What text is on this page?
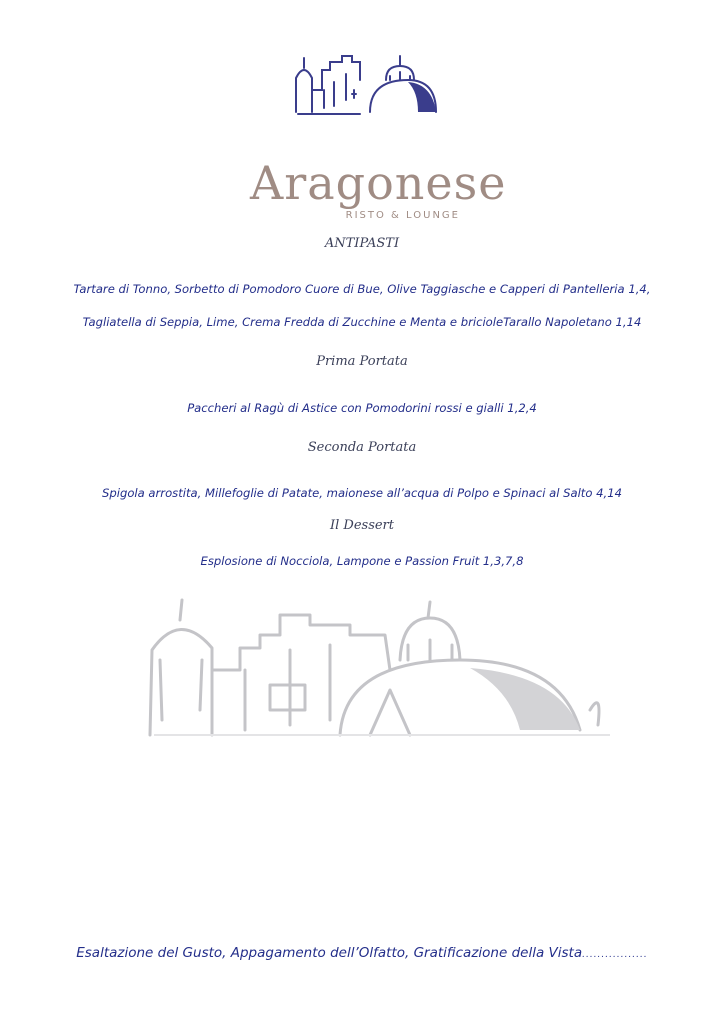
Aragonese
RISTO & LOUNGE
ANTIPASTI
Tartare di Tonno, Sorbetto di Pomodoro Cuore di Bue, Olive Taggiasche e Capperi di Pantelleria 1,4,
Tagliatella di Seppia, Lime, Crema Fredda di Zucchine e Menta e bricioleTarallo Napoletano 1,14
Prima Portata
Paccheri al Ragù di Astice con Pomodorini rossi e gialli 1,2,4
Seconda Portata
Spigola arrostita, Millefoglie di Patate, maionese all’acqua di Polpo e Spinaci al Salto 4,14
Il Dessert
Esplosione di Nocciola, Lampone e Passion Fruit 1,3,7,8
Esaltazione del Gusto, Appagamento dell’Olfatto, Gratificazione della Vista.................
